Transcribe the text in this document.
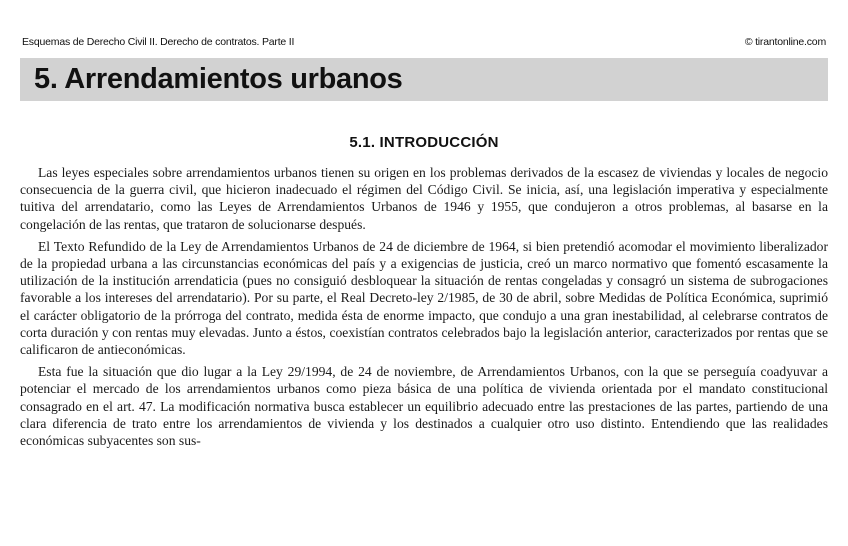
Esquemas de Derecho Civil II. Derecho de contratos. Parte II	© tirantonline.com
5. Arrendamientos urbanos
5.1. INTRODUCCIÓN

Las leyes especiales sobre arrendamientos urbanos tienen su origen en los problemas derivados de la escasez de viviendas y locales de negocio consecuencia de la guerra civil, que hicieron inadecuado el régimen del Código Civil. Se inicia, así, una legislación imperativa y especialmente tuitiva del arrendatario, como las Leyes de Arrendamientos Urbanos de 1946 y 1955, que condujeron a otros problemas, al basarse en la congelación de las rentas, que trataron de solucionarse después.

El Texto Refundido de la Ley de Arrendamientos Urbanos de 24 de diciembre de 1964, si bien pretendió acomodar el movimiento liberalizador de la propiedad urbana a las circunstancias económicas del país y a exigencias de justicia, creó un marco normativo que fomentó escasamente la utilización de la institución arrendaticia (pues no consiguió desbloquear la situación de rentas congeladas y consagró un sistema de subrogaciones favorable a los intereses del arrendatario). Por su parte, el Real Decreto-ley 2/1985, de 30 de abril, sobre Medidas de Política Económica, suprimió el carácter obligatorio de la prórroga del contrato, medida ésta de enorme impacto, que condujo a una gran inestabilidad, al celebrarse contratos de corta duración y con rentas muy elevadas. Junto a éstos, coexistían contratos celebrados bajo la legislación anterior, caracterizados por rentas que se calificaron de antieconómicas.

Esta fue la situación que dio lugar a la Ley 29/1994, de 24 de noviembre, de Arrendamientos Urbanos, con la que se perseguía coadyuvar a potenciar el mercado de los arrendamientos urbanos como pieza básica de una política de vivienda orientada por el mandato constitucional consagrado en el art. 47. La modificación normativa busca establecer un equilibrio adecuado entre las prestaciones de las partes, partiendo de una clara diferencia de trato entre los arrendamientos de vivienda y los destinados a cualquier otro uso distinto. Entendiendo que las realidades económicas subyacentes son sus-
